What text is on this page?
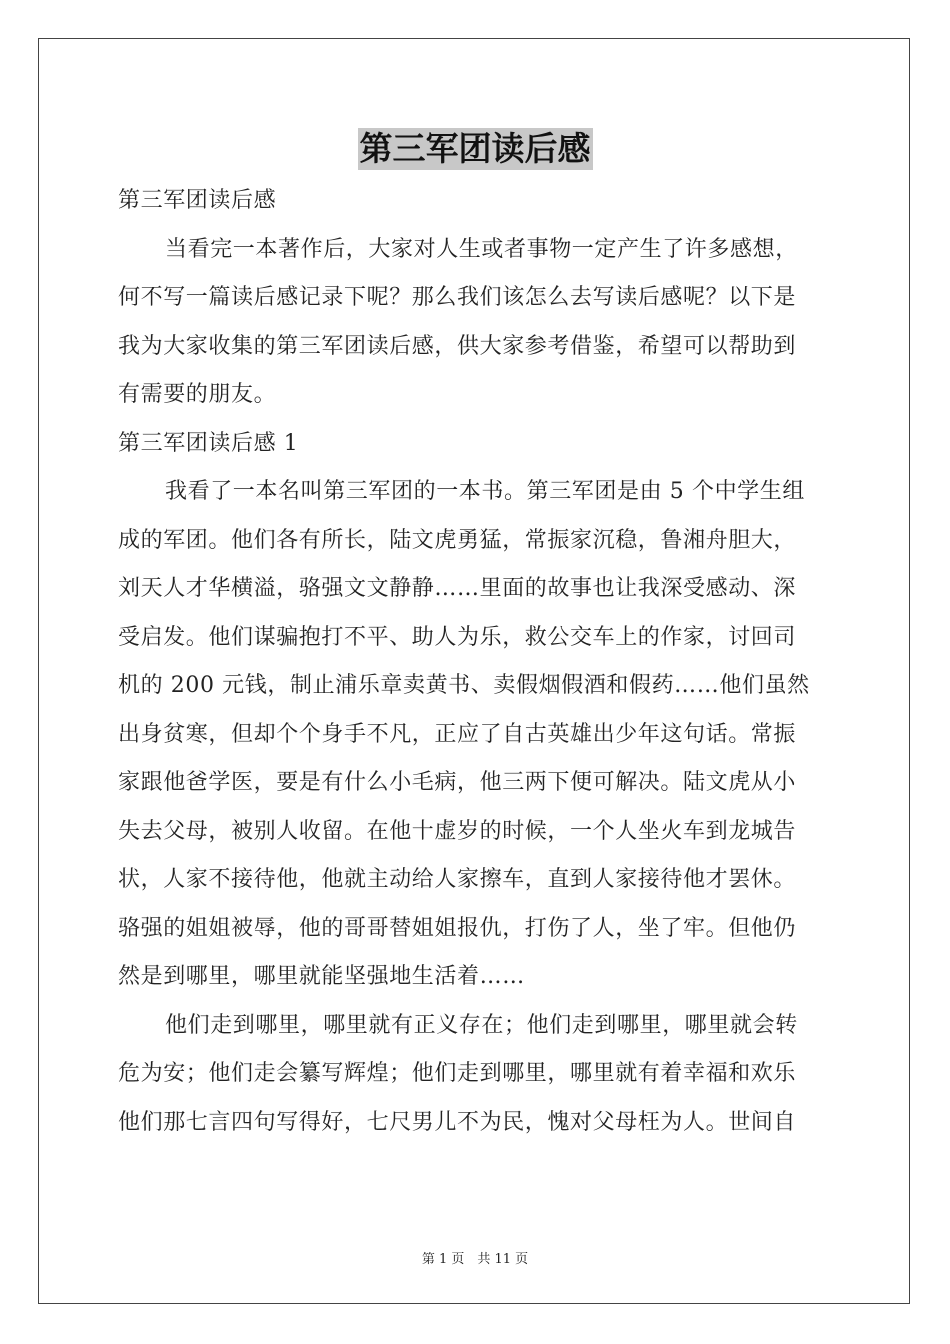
第三军团读后感
第三军团读后感
当看完一本著作后，大家对人生或者事物一定产生了许多感想，
何不写一篇读后感记录下呢？那么我们该怎么去写读后感呢？以下是
我为大家收集的第三军团读后感，供大家参考借鉴，希望可以帮助到
有需要的朋友。
第三军团读后感 1
我看了一本名叫第三军团的一本书。第三军团是由 5 个中学生组
成的军团。他们各有所长，陆文虎勇猛，常振家沉稳，鲁湘舟胆大，
刘天人才华横溢，骆强文文静静……里面的故事也让我深受感动、深
受启发。他们谋骗抱打不平、助人为乐，救公交车上的作家，讨回司
机的 200 元钱，制止浦乐章卖黄书、卖假烟假酒和假药……他们虽然
出身贫寒，但却个个身手不凡，正应了自古英雄出少年这句话。常振
家跟他爸学医，要是有什么小毛病，他三两下便可解决。陆文虎从小
失去父母，被别人收留。在他十虚岁的时候，一个人坐火车到龙城告
状，人家不接待他，他就主动给人家擦车，直到人家接待他才罢休。
骆强的姐姐被辱，他的哥哥替姐姐报仇，打伤了人，坐了牢。但他仍
然是到哪里，哪里就能坚强地生活着……
他们走到哪里，哪里就有正义存在；他们走到哪里，哪里就会转
危为安；他们走会纂写辉煌；他们走到哪里，哪里就有着幸福和欢乐
他们那七言四句写得好，七尺男儿不为民，愧对父母枉为人。世间自
第 1 页　共 11 页
